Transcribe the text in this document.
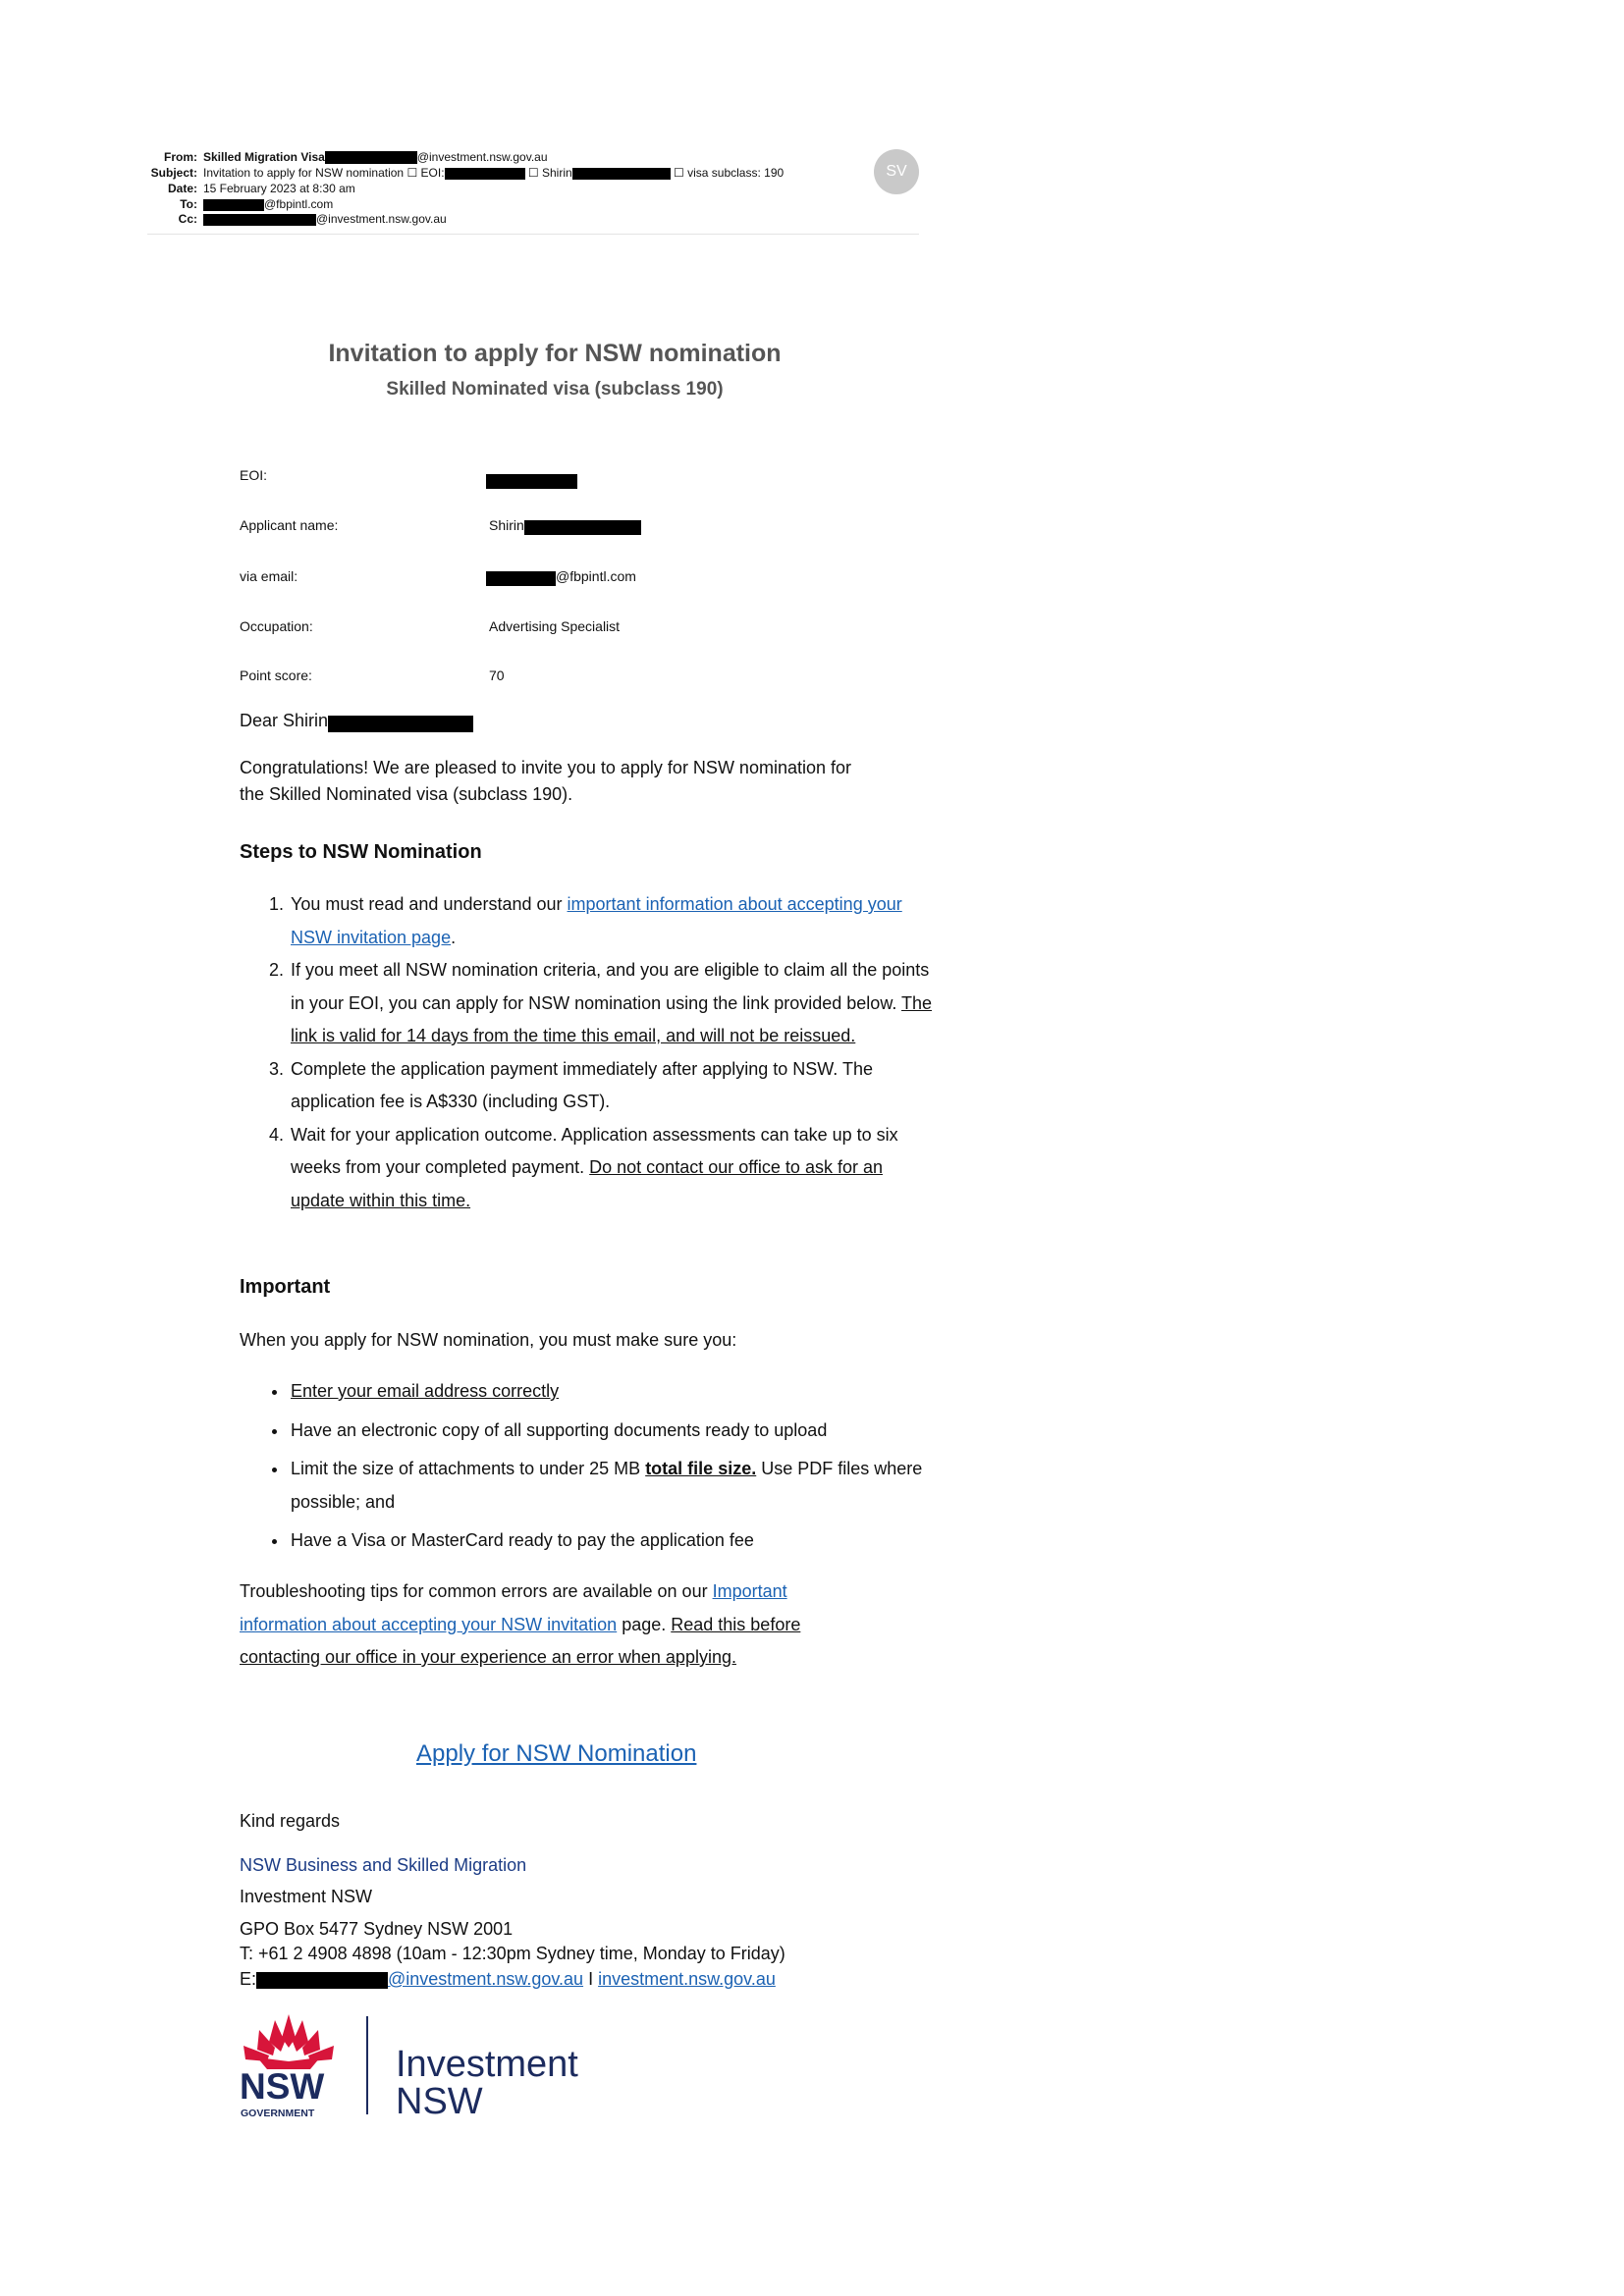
From: Skilled Migration Visa	@investment.nsw.gov.au
Subject: Invitation to apply for NSW nomination ☐ EOI:	☐ Shirin	☐ visa subclass: 190
Date: 15 February 2023 at 8:30 am
To:	@fbpintl.com
Cc:	@investment.nsw.gov.au
SV
Invitation to apply for NSW nomination
Skilled Nominated visa (subclass 190)
EOI:
Applicant name:	Shirin
via email:	@fbpintl.com
Occupation:	Advertising Specialist
Point score:	70
Dear Shirin
Congratulations! We are pleased to invite you to apply for NSW nomination for the Skilled Nominated visa (subclass 190).
Steps to NSW Nomination
1. You must read and understand our important information about accepting your NSW invitation page.
2. If you meet all NSW nomination criteria, and you are eligible to claim all the points in your EOI, you can apply for NSW nomination using the link provided below. The link is valid for 14 days from the time this email, and will not be reissued.
3. Complete the application payment immediately after applying to NSW. The application fee is A$330 (including GST).
4. Wait for your application outcome. Application assessments can take up to six weeks from your completed payment. Do not contact our office to ask for an update within this time.
Important
When you apply for NSW nomination, you must make sure you:
• Enter your email address correctly
• Have an electronic copy of all supporting documents ready to upload
• Limit the size of attachments to under 25 MB total file size. Use PDF files where possible; and
• Have a Visa or MasterCard ready to pay the application fee
Troubleshooting tips for common errors are available on our Important information about accepting your NSW invitation page. Read this before contacting our office in your experience an error when applying.
Apply for NSW Nomination
Kind regards
NSW Business and Skilled Migration
Investment NSW
GPO Box 5477 Sydney NSW 2001
T: +61 2 4908 4898 (10am - 12:30pm Sydney time, Monday to Friday)
E:	@investment.nsw.gov.au I investment.nsw.gov.au
NSW
GOVERNMENT
Investment
NSW
